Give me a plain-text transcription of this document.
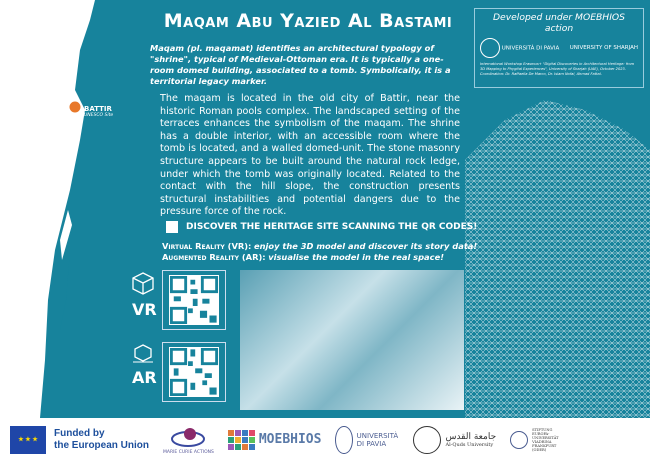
BATTIR
UNESCO Site
Maqam Abu Yazied Al Bastami

Maqam (pl. maqamat) identifies an architectural typology of "shrine", typical of Medieval-Ottoman era. It is typically a one-room domed building, associated to a tomb. Symbolically, it is a territorial legacy marker.

The maqam is located in the old city of Battir, near the historic Roman pools complex. The landscaped setting of the terraces enhances the symbolism of the maqam. The shrine has a double interior, with an accessible room where the tomb is located, and a walled domed-unit. The stone masonry structure appears to be built around the natural rock ledge, under which the tomb was originally located. Related to the contact with the hill slope, the construction presents structural instabilities and potential dangers due to the pressure force of the rock.

DISCOVER THE HERITAGE SITE SCANNING THE QR CODES!
Virtual Reality (VR): enjoy the 3D model and discover its story data!
Augmented Reality (AR): visualise the model in the real space!
VR
AR
Developed under MOEBHIOS action
UNIVERSITÀ DI PAVIA UNIVERSITY OF SHARJAH
International Workshop Erasmus+ "Digital Discoveries in Architectural Heritage: from 3D Mapping to Phygital Experiences", University of Sharjah (UAE), October 2023.
Coordination: Dr. Raffaella De Marco, Dr. Islam Nofal, Ahmad Fattal.
★ ★ ★
Funded by
the European Union
MARIE CURIE ACTIONS
MOEBHIOS	UNIVERSITÀ DI PAVIA
جامعة القدس
Al-Quds University
STIFTUNG EUROPA-UNIVERSITÄT VIADRINA FRANKFURT (ODER)
